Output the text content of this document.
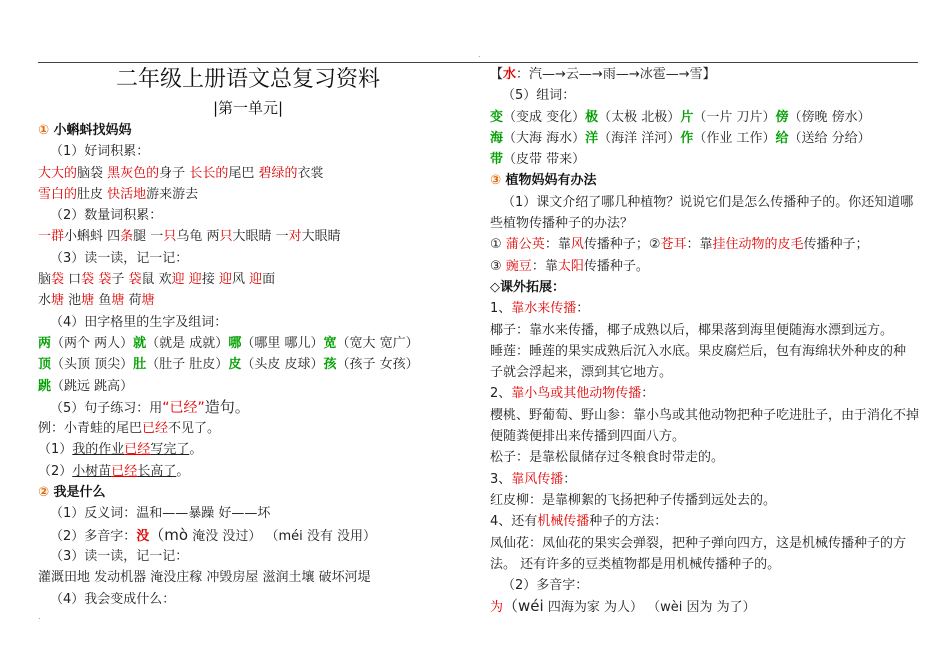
.
.
二年级上册语文总复习资料
|第一单元|
① 小蝌蚪找妈妈
（1）好词积累：
大大的脑袋 黑灰色的身子 长长的尾巴 碧绿的衣裳
雪白的肚皮 快活地游来游去
（2）数量词积累：
一群小蝌蚪 四条腿 一只乌龟 两只大眼睛 一对大眼睛
（3）读一读，记一记：
脑袋 口袋 袋子 袋鼠 欢迎 迎接 迎风 迎面
水塘 池塘 鱼塘 荷塘
（4）田字格里的生字及组词：
两（两个 两人）就（就是 成就）哪（哪里 哪儿）宽（宽大 宽广）
顶（头顶 顶尖）肚（肚子 肚皮）皮（头皮 皮球）孩（孩子 女孩）
跳（跳远 跳高）
（5）句子练习：用“已经”造句。
例：小青蛙的尾巴已经不见了。
（1）我的作业已经写完了。
（2）小树苗已经长高了。
② 我是什么
（1）反义词：温和——暴躁 好——坏
（2）多音字：没（mò 淹没 没过） （méi 没有 没用）
（3）读一读，记一记：
灌溉田地 发动机器 淹没庄稼 冲毁房屋 滋润土壤 破坏河堤
（4）我会变成什么：
【水：汽—→云—→雨—→冰雹—→雪】
（5）组词：
变（变成 变化）极（太极 北极）片（一片 刀片）傍（傍晚 傍水）
海（大海 海水）洋（海洋 洋河）作（作业 工作）给（送给 分给）
带（皮带 带来）
③ 植物妈妈有办法
（1）课文介绍了哪几种植物？说说它们是怎么传播种子的。你还知道哪
些植物传播种子的办法？
① 蒲公英：靠风传播种子；②苍耳：靠挂住动物的皮毛传播种子；
③ 豌豆：靠太阳传播种子。
◇课外拓展：
1、靠水来传播：
椰子：靠水来传播，椰子成熟以后，椰果落到海里便随海水漂到远方。
睡莲：睡莲的果实成熟后沉入水底。果皮腐烂后，包有海绵状外种皮的种
子就会浮起来，漂到其它地方。
2、靠小鸟或其他动物传播：
樱桃、野葡萄、野山参：靠小鸟或其他动物把种子吃进肚子，由于消化不掉
便随粪便排出来传播到四面八方。
松子：是靠松鼠储存过冬粮食时带走的。
3、靠风传播：
红皮柳：是靠柳絮的飞扬把种子传播到远处去的。
4、还有机械传播种子的方法：
凤仙花：凤仙花的果实会弹裂，把种子弹向四方，这是机械传播种子的方
法。 还有许多的豆类植物都是用机械传播种子的。
（2）多音字：
为（wéi 四海为家 为人） （wèi 因为 为了）
